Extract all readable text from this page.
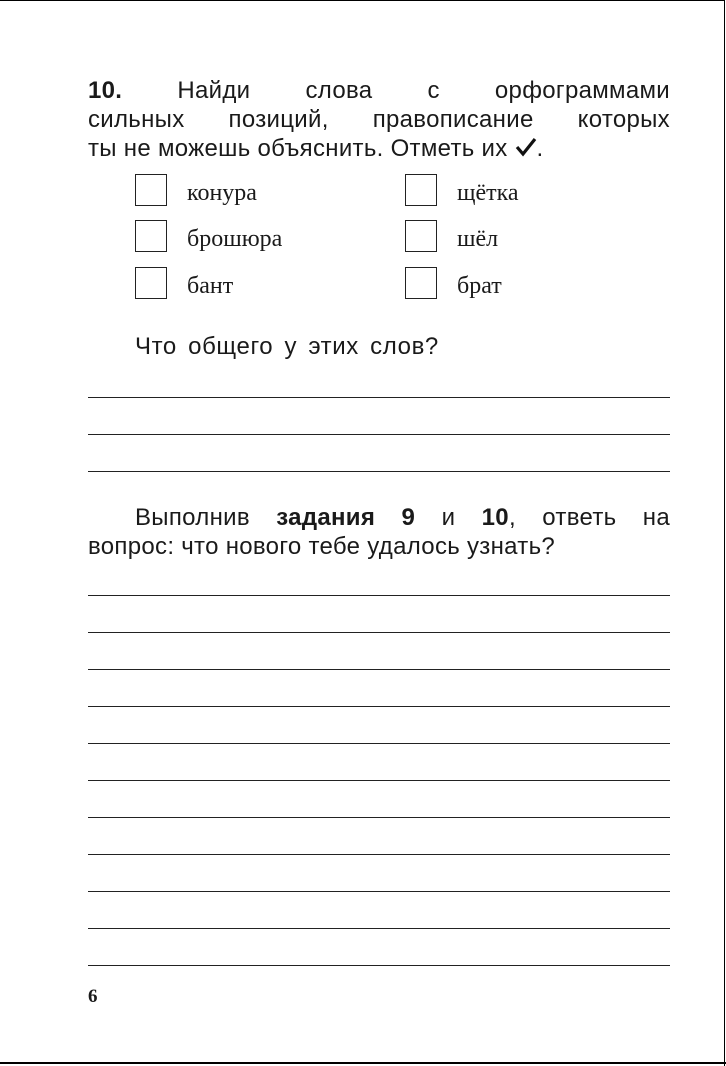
10. Найди слова с орфограммами
сильных позиций, правописание которых
ты не можешь объяснить. Отметь их .
конура
брошюра
бант
щётка
шёл
брат
Что общего у этих слов?
Выполнив задания 9 и 10, ответь на
вопрос: что нового тебе удалось узнать?
6
